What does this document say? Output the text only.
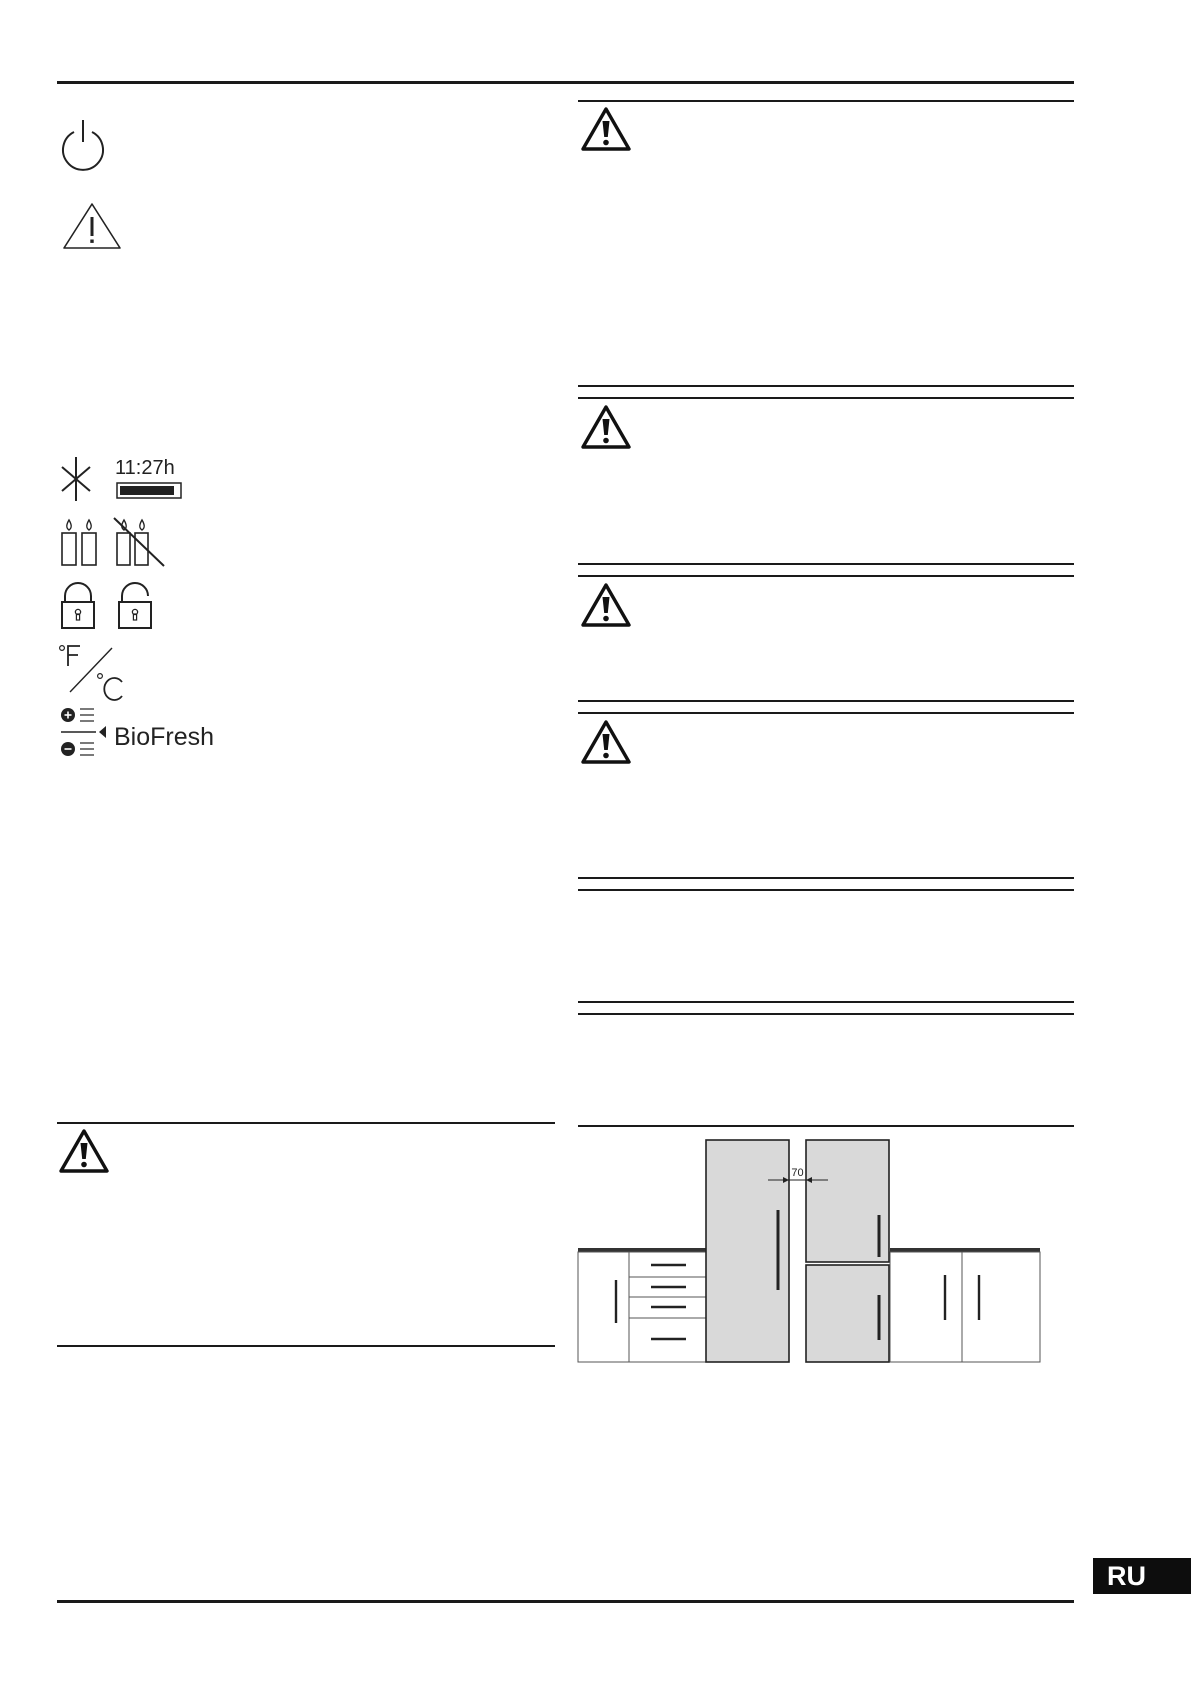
11:27h
BioFresh
70
RU
